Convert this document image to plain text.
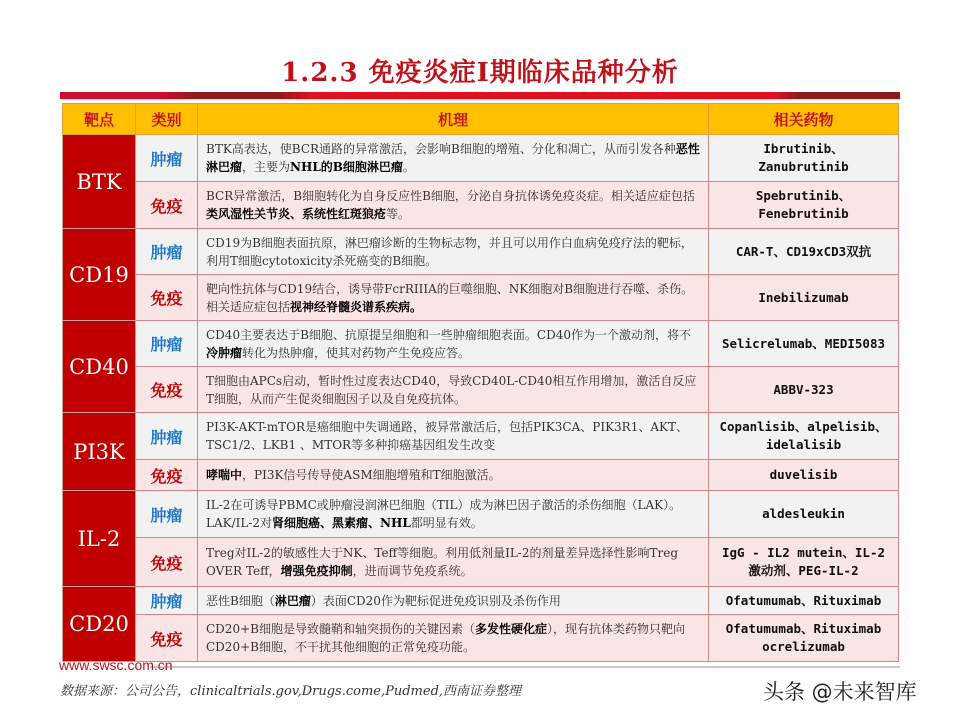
1.2.3 免疫炎症I期临床品种分析
靶点	类别	机理	相关药物
BTK	肿瘤	BTK高表达，使BCR通路的异常激活，会影响B细胞的增殖、分化和凋亡，从而引发各种恶性淋巴瘤，主要为NHL的B细胞淋巴瘤。	Ibrutinib、
Zanubrutinib

	免疫	BCR异常激活，B细胞转化为自身反应性B细胞，分泌自身抗体诱免疫炎症。相关适应症包括类风湿性关节炎、系统性红斑狼疮等。	Spebrutinib、
Fenebrutinib

CD19	肿瘤	CD19为B细胞表面抗原，淋巴瘤诊断的生物标志物，并且可以用作白血病免疫疗法的靶标，利用T细胞cytotoxicity杀死癌变的B细胞。	CAR-T、CD19xCD3双抗

	免疫	靶向性抗体与CD19结合，诱导带FcrRIIIA的巨噬细胞、NK细胞对B细胞进行吞噬、杀伤。相关适应症包括视神经脊髓炎谱系疾病。	Inebilizumab

CD40	肿瘤	CD40主要表达于B细胞、抗原提呈细胞和一些肿瘤细胞表面。CD40作为一个激动剂，将不冷肿瘤转化为热肿瘤，使其对药物产生免疫应答。	Selicrelumab、MEDI5083

	免疫	T细胞由APCs启动，暂时性过度表达CD40，导致CD40L-CD40相互作用增加，激活自反应T细胞，从而产生促炎细胞因子以及自免疫抗体。	ABBV-323

PI3K	肿瘤	PI3K-AKT-mTOR是癌细胞中失调通路，被异常激活后，包括PIK3CA、PIK3R1、AKT、TSC1/2、LKB1 、MTOR等多种抑癌基因组发生改变	Copanlisib、alpelisib、
idelalisib

	免疫	哮喘中，PI3K信号传导使ASM细胞增殖和T细胞激活。	duvelisib

IL-2	肿瘤	IL-2在可诱导PBMC或肿瘤浸润淋巴细胞（TIL）成为淋巴因子激活的杀伤细胞（LAK）。LAK/IL-2对肾细胞癌、黑素瘤、NHL都明显有效。	aldesleukin

	免疫	Treg对IL-2的敏感性大于NK、Teff等细胞。利用低剂量IL-2的剂量差异选择性影响Treg OVER Teff，增强免疫抑制，进而调节免疫系统。	IgG - IL2 mutein、IL-2
激动剂、PEG-IL-2

CD20	肿瘤	恶性B细胞（淋巴瘤）表面CD20作为靶标促进免疫识别及杀伤作用	Ofatumumab、Rituximab

	免疫	CD20+B细胞是导致髓鞘和轴突损伤的关键因素（多发性硬化症），现有抗体类药物只靶向CD20+B细胞，不干扰其他细胞的正常免疫功能。	Ofatumumab、Rituximab
ocrelizumab
www.swsc.com.cn
数据来源：公司公告，clinicaltrials.gov,Drugs.come,Pudmed,西南证券整理	头条 @未来智库
